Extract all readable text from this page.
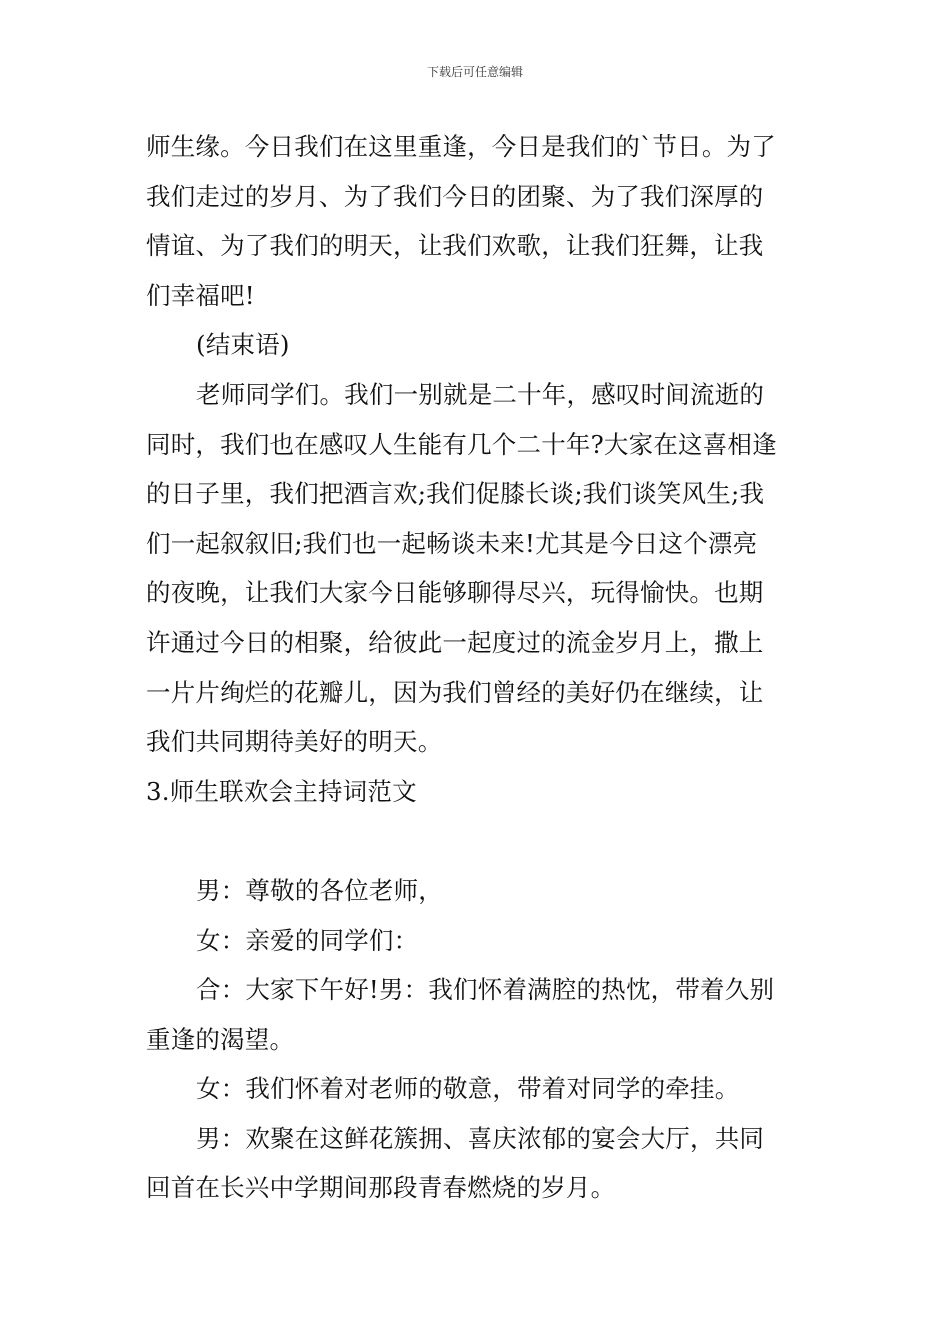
下载后可任意编辑
师生缘。今日我们在这里重逢，今日是我们的`节日。为了
我们走过的岁月、为了我们今日的团聚、为了我们深厚的
情谊、为了我们的明天，让我们欢歌，让我们狂舞，让我
们幸福吧!
(结束语)
老师同学们。我们一别就是二十年，感叹时间流逝的
同时，我们也在感叹人生能有几个二十年?大家在这喜相逢
的日子里，我们把酒言欢;我们促膝长谈;我们谈笑风生;我
们一起叙叙旧;我们也一起畅谈未来!尤其是今日这个漂亮
的夜晚，让我们大家今日能够聊得尽兴，玩得愉快。也期
许通过今日的相聚，给彼此一起度过的流金岁月上，撒上
一片片绚烂的花瓣儿，因为我们曾经的美好仍在继续，让
我们共同期待美好的明天。
3.师生联欢会主持词范文
男：尊敬的各位老师，
女：亲爱的同学们：
合：大家下午好!男：我们怀着满腔的热忱，带着久别
重逢的渴望。
女：我们怀着对老师的敬意，带着对同学的牵挂。
男：欢聚在这鲜花簇拥、喜庆浓郁的宴会大厅，共同
回首在长兴中学期间那段青春燃烧的岁月。
